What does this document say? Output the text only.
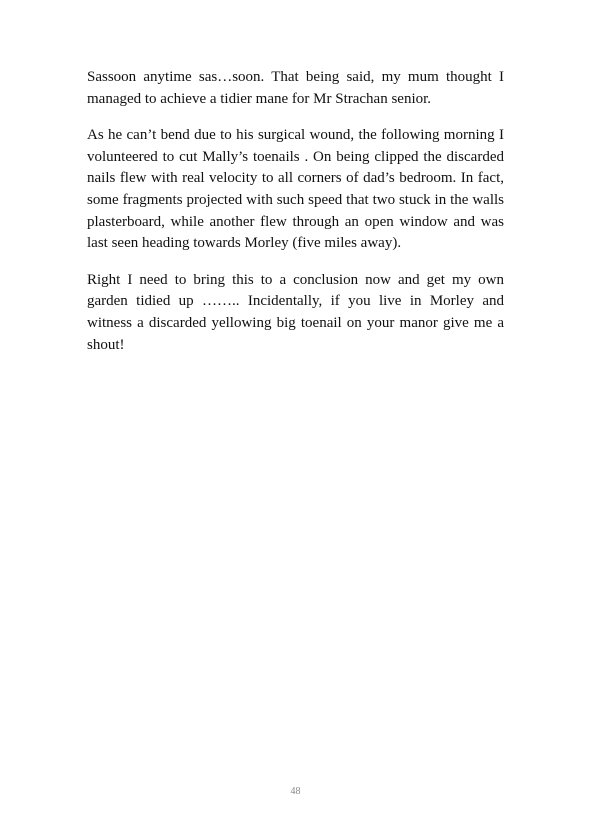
Sassoon anytime sas…soon. That being said, my mum thought I managed to achieve a tidier mane for Mr Strachan senior.

As he can’t bend due to his surgical wound, the following morning I volunteered to cut Mally’s toenails . On being clipped the discarded nails flew with real velocity to all corners of dad’s bedroom. In fact, some fragments projected with such speed that two stuck in the walls plasterboard, while another flew through an open window and was last seen heading towards Morley (five miles away).

Right I need to bring this to a conclusion now and get my own garden tidied up …….. Incidentally, if you live in Morley and witness a discarded yellowing big toenail on your manor give me a shout!

48
